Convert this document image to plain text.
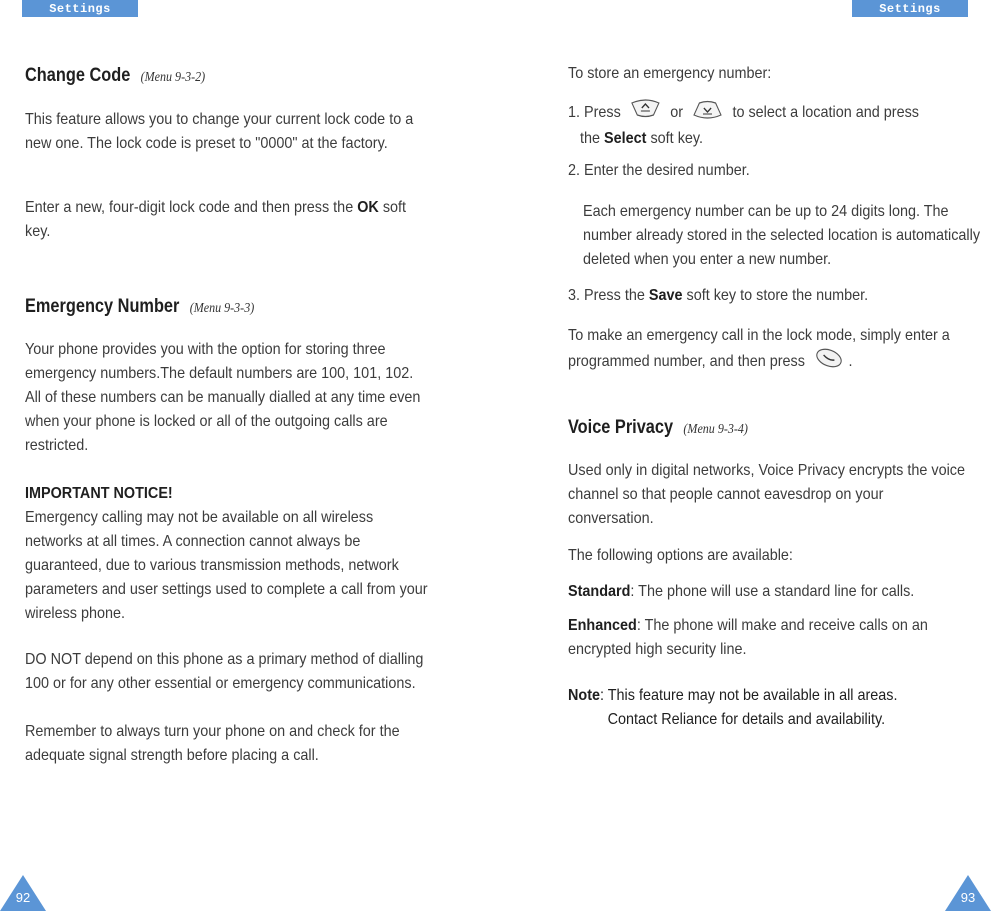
Settings	Settings
Change Code (Menu 9-3-2)

This feature allows you to change your current lock code to a new one. The lock code is preset to "0000" at the factory.

Enter a new, four-digit lock code and then press the OK soft key.

Emergency Number (Menu 9-3-3)

Your phone provides you with the option for storing three emergency numbers.The default numbers are 100, 101, 102. All of these numbers can be manually dialled at any time even when your phone is locked or all of the outgoing calls are restricted.

IMPORTANT NOTICE!

Emergency calling may not be available on all wireless networks at all times. A connection cannot always be guaranteed, due to various transmission methods, network parameters and user settings used to complete a call from your wireless phone.

DO NOT depend on this phone as a primary method of dialling 100 or for any other essential or emergency communications.

Remember to always turn your phone on and check for the adequate signal strength before placing a call.

To store an emergency number:

1. Press	or	to select a location and press
the Select soft key.

2. Enter the desired number.

Each emergency number can be up to 24 digits long. The number already stored in the selected location is automatically deleted when you enter a new number.

3. Press the Save soft key to store the number.

To make an emergency call in the lock mode, simply enter a programmed number, and then press	.

Voice Privacy (Menu 9-3-4)

Used only in digital networks, Voice Privacy encrypts the voice channel so that people cannot eavesdrop on your conversation.

The following options are available:

Standard: The phone will use a standard line for calls.

Enhanced: The phone will make and receive calls on an encrypted high security line.

Note: This feature may not be available in all areas.
Contact Reliance for details and availability.

92	93
